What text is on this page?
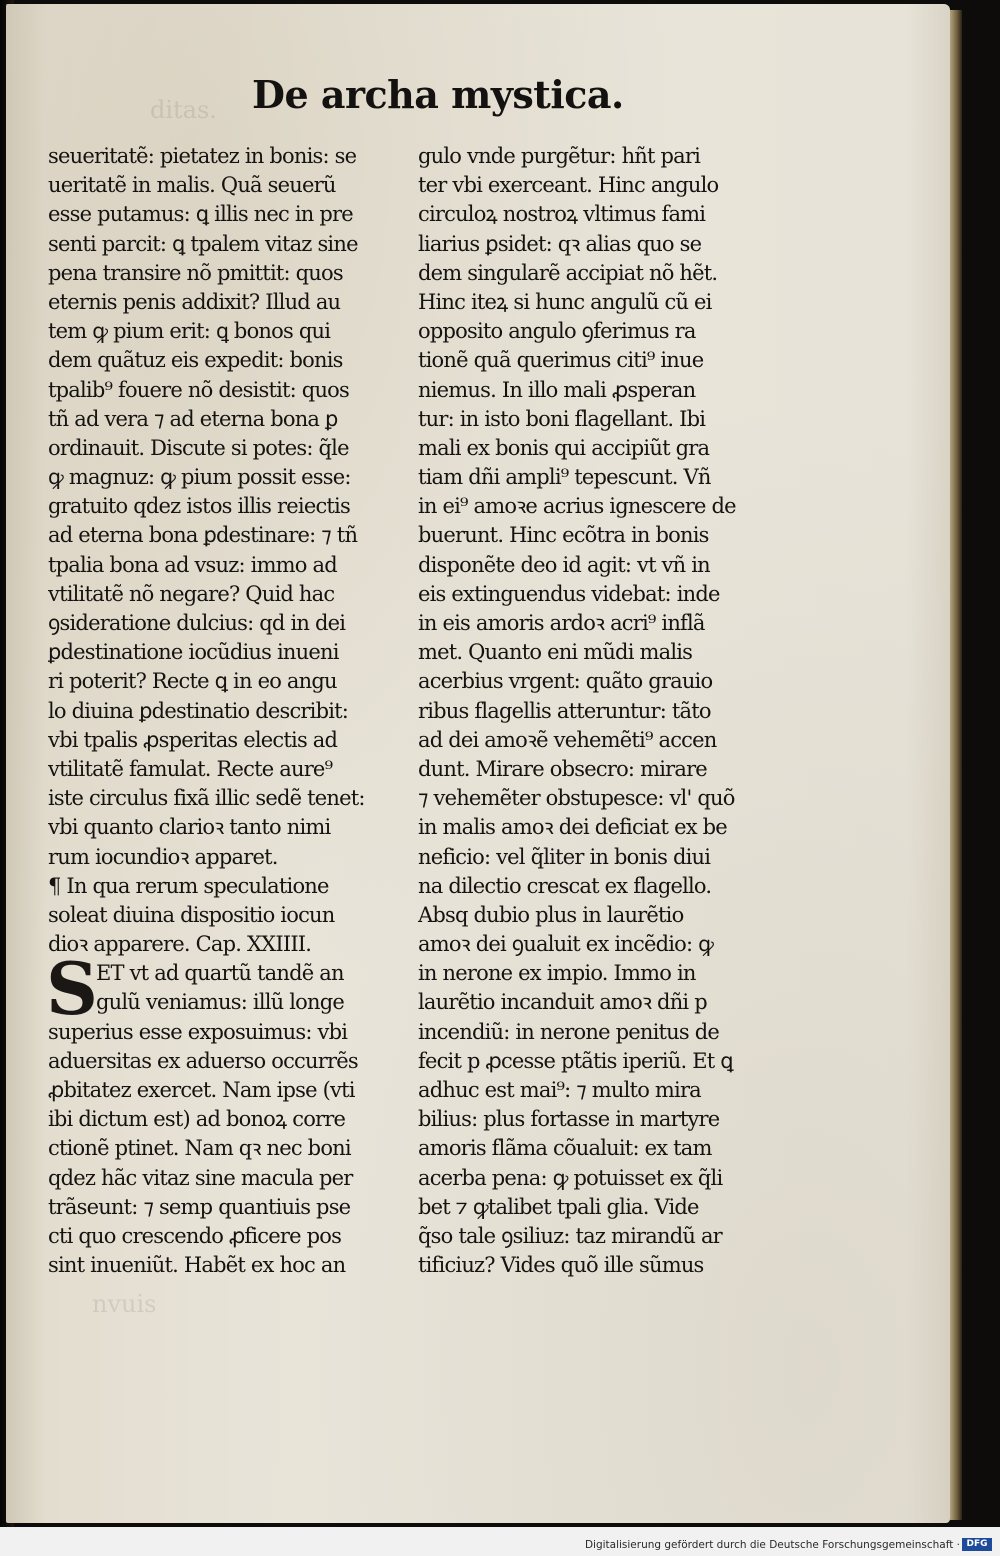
ditas.
nvuis
De archa mystica.
seueritatẽ: pietatez in bonis: se
ueritatẽ in malis. Quã seuerũ
esse putamus: ꝗ illis nec in pre
senti parcit: ꝗ tpalem vitaz sine
pena transire nõ pmittit: quos
eternis penis addixit? Illud au
tem ꝙ pium erit: ꝗ bonos qui
dem quãtuz eis expedit: bonis
tpalib⁹ fouere nõ desistit: quos
tñ ad vera ⁊ ad eterna bona ꝑ
ordinauit. Discute si potes: q̃le
ꝙ magnuz: ꝙ pium possit esse:
gratuito qdez istos illis reiectis
ad eterna bona ꝑdestinare: ⁊ tñ
tpalia bona ad vsuz: immo ad
vtilitatẽ nõ negare? Quid hac
ꝯsideratione dulcius: qd in dei
ꝑdestinatione iocũdius inueni
ri poterit? Recte ꝗ in eo angu
lo diuina ꝑdestinatio describit:
vbi tpalis ꝓsperitas electis ad
vtilitatẽ famulat. Recte aure⁹
iste circulus fixã illic sedẽ tenet:
vbi quanto clarioꝛ tanto nimi
rum iocundioꝛ apparet.
¶ In qua rerum speculatione
soleat diuina dispositio iocun
dioꝛ apparere. Cap. XXIIII.
S
ET vt ad quartũ tandẽ an
gulũ veniamus: illũ longe
superius esse exposuimus: vbi
aduersitas ex aduerso occurrẽs
ꝓbitatez exercet. Nam ipse (vti
ibi dictum est) ad bonoꝝ corre
ctionẽ ptinet. Nam qꝛ nec boni
qdez hãc vitaz sine macula per
trãseunt: ⁊ semp quantiuis pse
cti quo crescendo ꝓficere pos
sint inueniũt. Habẽt ex hoc an
gulo vnde purgẽtur: hñt pari
ter vbi exerceant. Hinc angulo
circuloꝝ nostroꝝ vltimus fami
liarius ꝑsidet: qꝛ alias quo se
dem singularẽ accipiat nõ hẽt.
Hinc iteꝝ si hunc angulũ cũ ei
opposito angulo ꝯferimus ra
tionẽ quã querimus citi⁹ inue
niemus. In illo mali ꝓsperan
tur: in isto boni flagellant. Ibi
mali ex bonis qui accipiũt gra
tiam dñi ampli⁹ tepescunt. Vñ
in ei⁹ amoꝛe acrius ignescere de
buerunt. Hinc ecõtra in bonis
disponẽte deo id agit: vt vñ in
eis extinguendus videbat: inde
in eis amoris ardoꝛ acri⁹ inflã
met. Quanto eni mũdi malis
acerbius vrgent: quãto grauio
ribus flagellis atteruntur: tãto
ad dei amoꝛẽ vehemẽti⁹ accen
dunt. Mirare obsecro: mirare
⁊ vehemẽter obstupesce: vl' quõ
in malis amoꝛ dei deficiat ex be
neficio: vel q̃liter in bonis diui
na dilectio crescat ex flagello.
Absq dubio plus in laurẽtio
amoꝛ dei ꝯualuit ex incẽdio: ꝙ
in nerone ex impio. Immo in
laurẽtio incanduit amoꝛ dñi p
incendiũ: in nerone penitus de
fecit p ꝓcesse ptãtis iperiũ. Et ꝗ
adhuc est mai⁹: ⁊ multo mira
bilius: plus fortasse in martyre
amoris flãma cõualuit: ex tam
acerba pena: ꝙ potuisset ex q̃li
bet ⁊ ꝙtalibet tpali glia. Vide
q̃so tale ꝯsiliuz: taz mirandũ ar
tificiuz? Vides quõ ille sũmus
Digitalisierung gefördert durch die Deutsche Forschungsgemeinschaft · DFG
